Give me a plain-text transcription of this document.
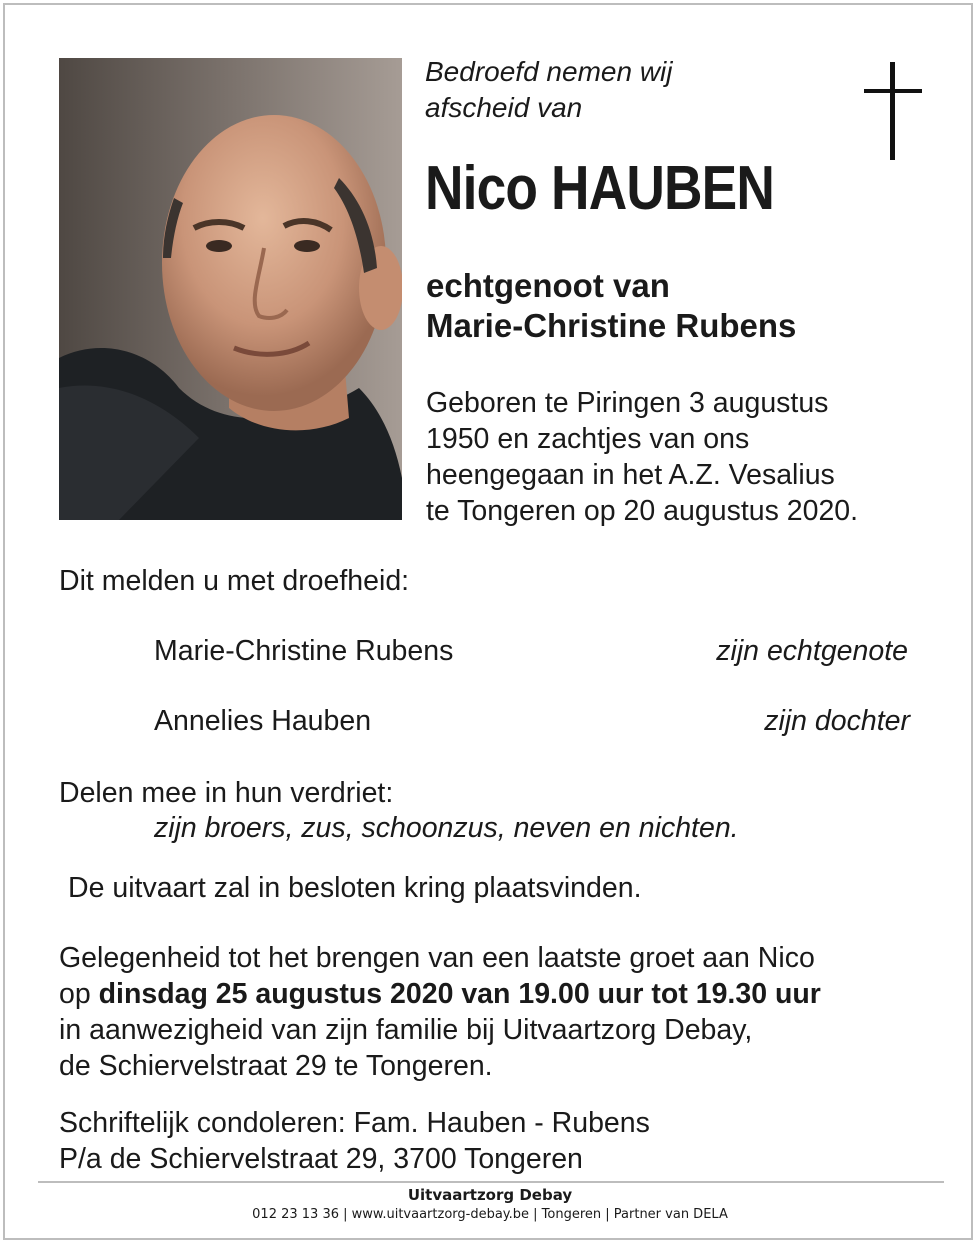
Bedroefd nemen wij
afscheid van
Nico HAUBEN
echtgenoot van
Marie-Christine Rubens
Geboren te Piringen 3 augustus
1950 en zachtjes van ons
heengegaan in het A.Z. Vesalius
te Tongeren op 20 augustus 2020.
Dit melden u met droefheid:
Marie-Christine Rubens	zijn echtgenote
Annelies Hauben	zijn dochter
Delen mee in hun verdriet:
zijn broers, zus, schoonzus, neven en nichten.
De uitvaart zal in besloten kring plaatsvinden.
Gelegenheid tot het brengen van een laatste groet aan Nico
op dinsdag 25 augustus 2020 van 19.00 uur tot 19.30 uur
in aanwezigheid van zijn familie bij Uitvaartzorg Debay,
de Schiervelstraat 29 te Tongeren.
Schriftelijk condoleren: Fam. Hauben - Rubens
P/a de Schiervelstraat 29, 3700 Tongeren
Uitvaartzorg Debay
012 23 13 36 | www.uitvaartzorg-debay.be | Tongeren | Partner van DELA
